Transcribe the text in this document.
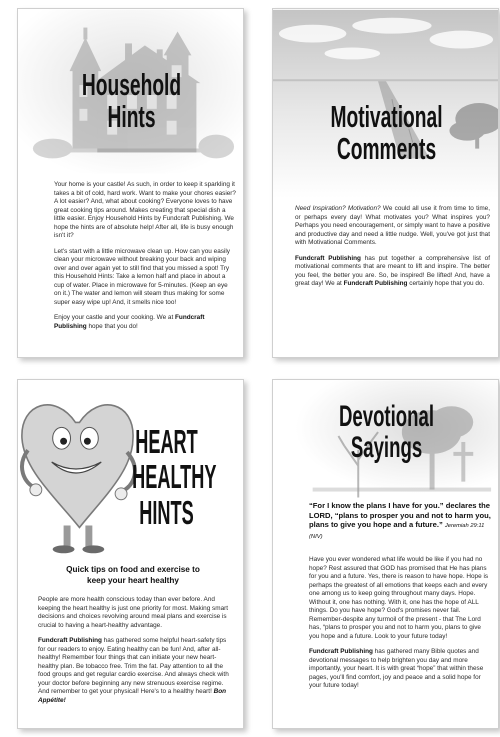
Household
Hints

Your home is your castle! As such, in order to keep it sparkling it takes a bit of cold, hard work. Want to make your chores easier? A lot easier? And, what about cooking? Everyone loves to have great cooking tips around. Makes creating that special dish a little easier. Enjoy Household Hints by Fundcraft Publishing. We hope the hints are of absolute help! After all, life is busy enough isn't it?

Let's start with a little microwave clean up. How can you easily clean your microwave without breaking your back and wiping over and over again yet to still find that you missed a spot! Try this Household Hints: Take a lemon half and place in about a cup of water. Place in microwave for 5-minutes. (Keep an eye on it.) The water and lemon will steam thus making for some super easy wipe up! And, it smells nice too!

Enjoy your castle and your cooking. We at Fundcraft Publishing hope that you do!

Motivational
Comments

Need Inspiration? Motivation? We could all use it from time to time, or perhaps every day! What motivates you? What inspires you? Perhaps you need encouragement, or simply want to have a positive and productive day and need a little nudge. Well, you've got just that with Motivational Comments.

Fundcraft Publishing has put together a comprehensive list of motivational comments that are meant to lift and inspire. The better you feel, the better you are. So, be inspired! Be lifted! And, have a great day! We at Fundcraft Publishing certainly hope that you do.

HEART
HEALTHY
HINTS
Quick tips on food and exercise to
keep your heart healthy

People are more health conscious today than ever before. And keeping the heart healthy is just one priority for most. Making smart decisions and choices revolving around meal plans and exercise is crucial to having a heart-healthy advantage.

Fundcraft Publishing has gathered some helpful heart-safety tips for our readers to enjoy. Eating healthy can be fun! And, after all-healthy! Remember four things that can initiate your new heart-healthy plan. Be tobacco free. Trim the fat. Pay attention to all the food groups and get regular cardio exercise. And always check with your doctor before beginning any new strenuous exercise regime. And remember to get your physical! Here's to a healthy heart! Bon Appétite!

Devotional
Sayings
“For I know the plans I have for you.” declares the LORD, “plans to prosper you and not to harm you, plans to give you hope and a future.” Jeremiah 29:11 (NIV)

Have you ever wondered what life would be like if you had no hope? Rest assured that GOD has promised that He has plans for you and a future. Yes, there is reason to have hope. Hope is perhaps the greatest of all emotions that keeps each and every one among us to keep going throughout many days. Hope. Without it, one has nothing. With it, one has the hope of ALL things. Do you have hope? God's promises never fail. Remember-despite any turmoil of the present - that The Lord has, “plans to prosper you and not to harm you, plans to give you hope and a future. Look to your future today!

Fundcraft Publishing has gathered many Bible quotes and devotional messages to help brighten you day and more importantly, your heart. It is with great “hope” that within these pages, you'll find comfort, joy and peace and a solid hope for your future today!
